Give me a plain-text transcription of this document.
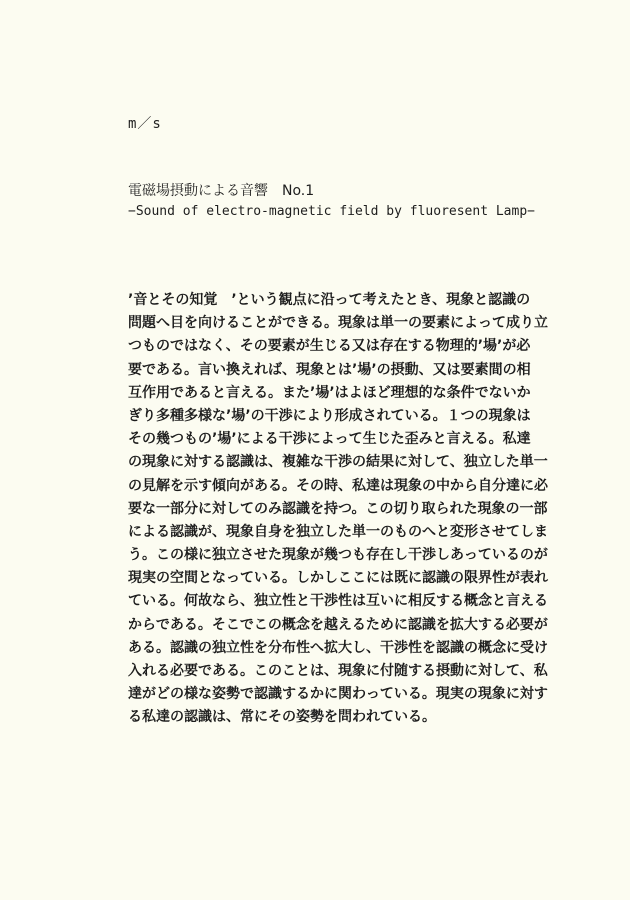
m／s
電磁場摂動による音響　No.1
−Sound of electro-magnetic field by fluoresent Lamp−
’音とその知覚　’という観点に沿って考えたとき、現象と認識の
問題へ目を向けることができる。現象は単一の要素によって成り立
つものではなく、その要素が生じる又は存在する物理的’場’が必
要である。言い換えれば、現象とは’場’の摂動、又は要素間の相
互作用であると言える。また’場’はよほど理想的な条件でないか
ぎり多種多様な’場’の干渉により形成されている。１つの現象は
その幾つもの’場’による干渉によって生じた歪みと言える。私達
の現象に対する認識は、複雑な干渉の結果に対して、独立した単一
の見解を示す傾向がある。その時、私達は現象の中から自分達に必
要な一部分に対してのみ認識を持つ。この切り取られた現象の一部
による認識が、現象自身を独立した単一のものへと変形させてしま
う。この様に独立させた現象が幾つも存在し干渉しあっているのが
現実の空間となっている。しかしここには既に認識の限界性が表れ
ている。何故なら、独立性と干渉性は互いに相反する概念と言える
からである。そこでこの概念を越えるために認識を拡大する必要が
ある。認識の独立性を分布性へ拡大し、干渉性を認識の概念に受け
入れる必要である。このことは、現象に付随する摂動に対して、私
達がどの様な姿勢で認識するかに関わっている。現実の現象に対す
る私達の認識は、常にその姿勢を問われている。
